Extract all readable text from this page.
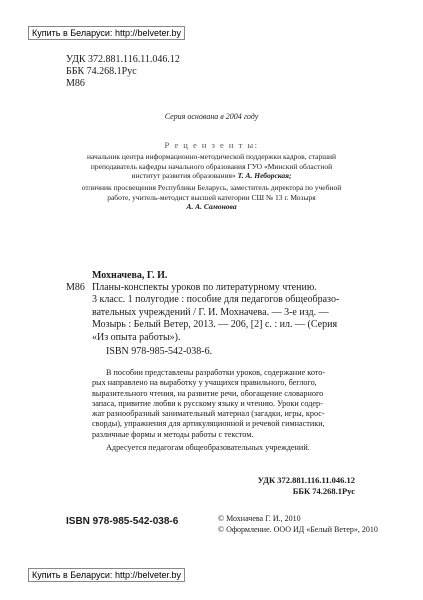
Купить в Беларуси: http://belveter.by
УДК 372.881.116.11.046.12
ББК 74.268.1Рус
М86
Серия основана в 2004 году
Р е ц е н з е н т ы:
начальник центра информационно-методической поддержки кадров, старший
преподаватель кафедры начального образования ГУО «Минский областной
институт развития образования» Т. А. Неборская;
отличник просвещения Республики Беларусь, заместитель директора по учебной
работе, учитель-методист высшей категории СШ № 13 г. Мозыря
А. А. Самонова
М86
Мохначева, Г. И.
Планы-конспекты уроков по литературному чтению.
3 класс. 1 полугодие : пособие для педагогов общеобразо-
вательных учреждений / Г. И. Мохначева. — 3-е изд. —
Мозырь : Белый Ветер, 2013. — 206, [2] с. : ил. — (Серия
«Из опыта работы»).
ISBN 978-985-542-038-6.
В пособии представлены разработки уроков, содержание кото-
рых направлено на выработку у учащихся правильного, беглого,
выразительного чтения, на развитие речи, обогащение словарного
запаса, привитие любви к русскому языку и чтению. Уроки содер-
жат разнообразный занимательный материал (загадки, игры, крос-
сворды), упражнения для артикуляционной и речевой гимнастики,
различные формы и методы работы с текстом.
Адресуется педагогам общеобразовательных учреждений.
УДК 372.881.116.11.046.12
ББК 74.268.1Рус
ISBN 978-985-542-038-6	© Мохначева Г. И., 2010
© Оформление. ООО ИД «Белый Ветер», 2010
Купить в Беларуси: http://belveter.by
